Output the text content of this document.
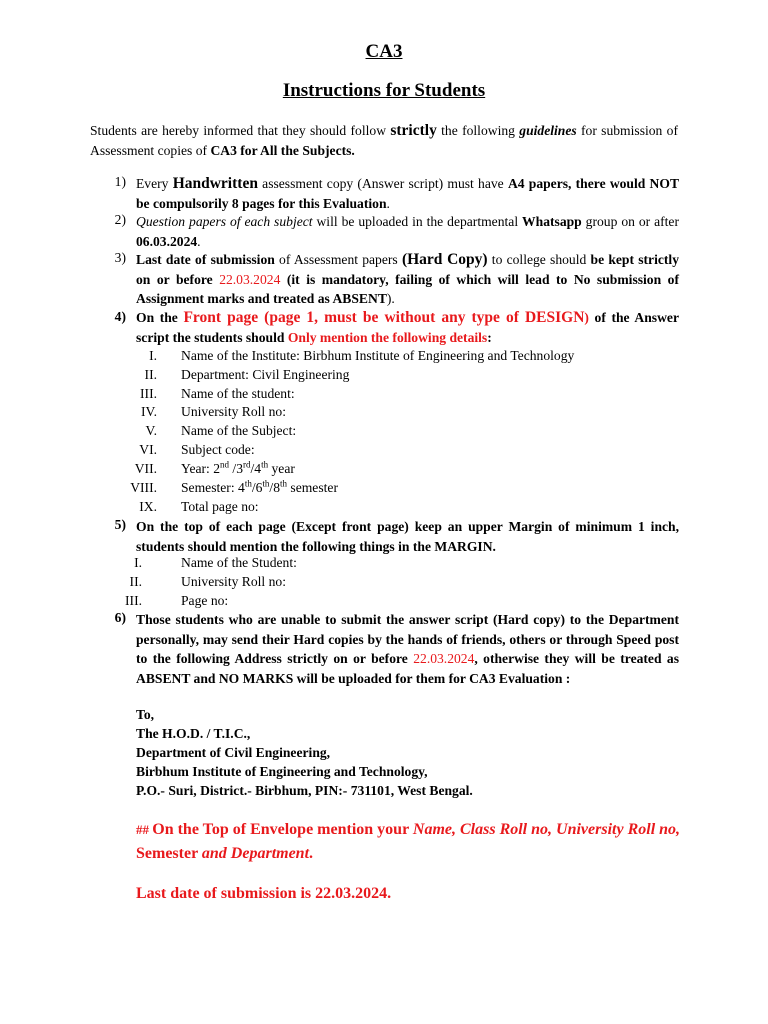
CA3
Instructions for Students
Students are hereby informed that they should follow strictly the following guidelines for submission of Assessment copies of CA3 for All the Subjects.
1) Every Handwritten assessment copy (Answer script) must have A4 papers, there would NOT be compulsorily 8 pages for this Evaluation.
2) Question papers of each subject will be uploaded in the departmental Whatsapp group on or after 06.03.2024.
3) Last date of submission of Assessment papers (Hard Copy) to college should be kept strictly on or before 22.03.2024 (it is mandatory, failing of which will lead to No submission of Assignment marks and treated as ABSENT).
4) On the Front page (page 1, must be without any type of DESIGN) of the Answer script the students should Only mention the following details:
I. Name of the Institute: Birbhum Institute of Engineering and Technology
II. Department: Civil Engineering
III. Name of the student:
IV. University Roll no:
V. Name of the Subject:
VI. Subject code:
VII. Year: 2nd /3rd/4th year
VIII. Semester: 4th/6th/8th semester
IX. Total page no:
5) On the top of each page (Except front page) keep an upper Margin of minimum 1 inch, students should mention the following things in the MARGIN.
I.	Name of the Student:
II.	University Roll no:
III.	Page no:
6) Those students who are unable to submit the answer script (Hard copy) to the Department personally, may send their Hard copies by the hands of friends, others or through Speed post to the following Address strictly on or before 22.03.2024, otherwise they will be treated as ABSENT and NO MARKS will be uploaded for them for CA3 Evaluation :
To,
The H.O.D. / T.I.C.,
Department of Civil Engineering,
Birbhum Institute of Engineering and Technology,
P.O.- Suri, District.- Birbhum, PIN:- 731101, West Bengal.
## On the Top of Envelope mention your Name, Class Roll no, University Roll no, Semester and Department.
Last date of submission is 22.03.2024.
